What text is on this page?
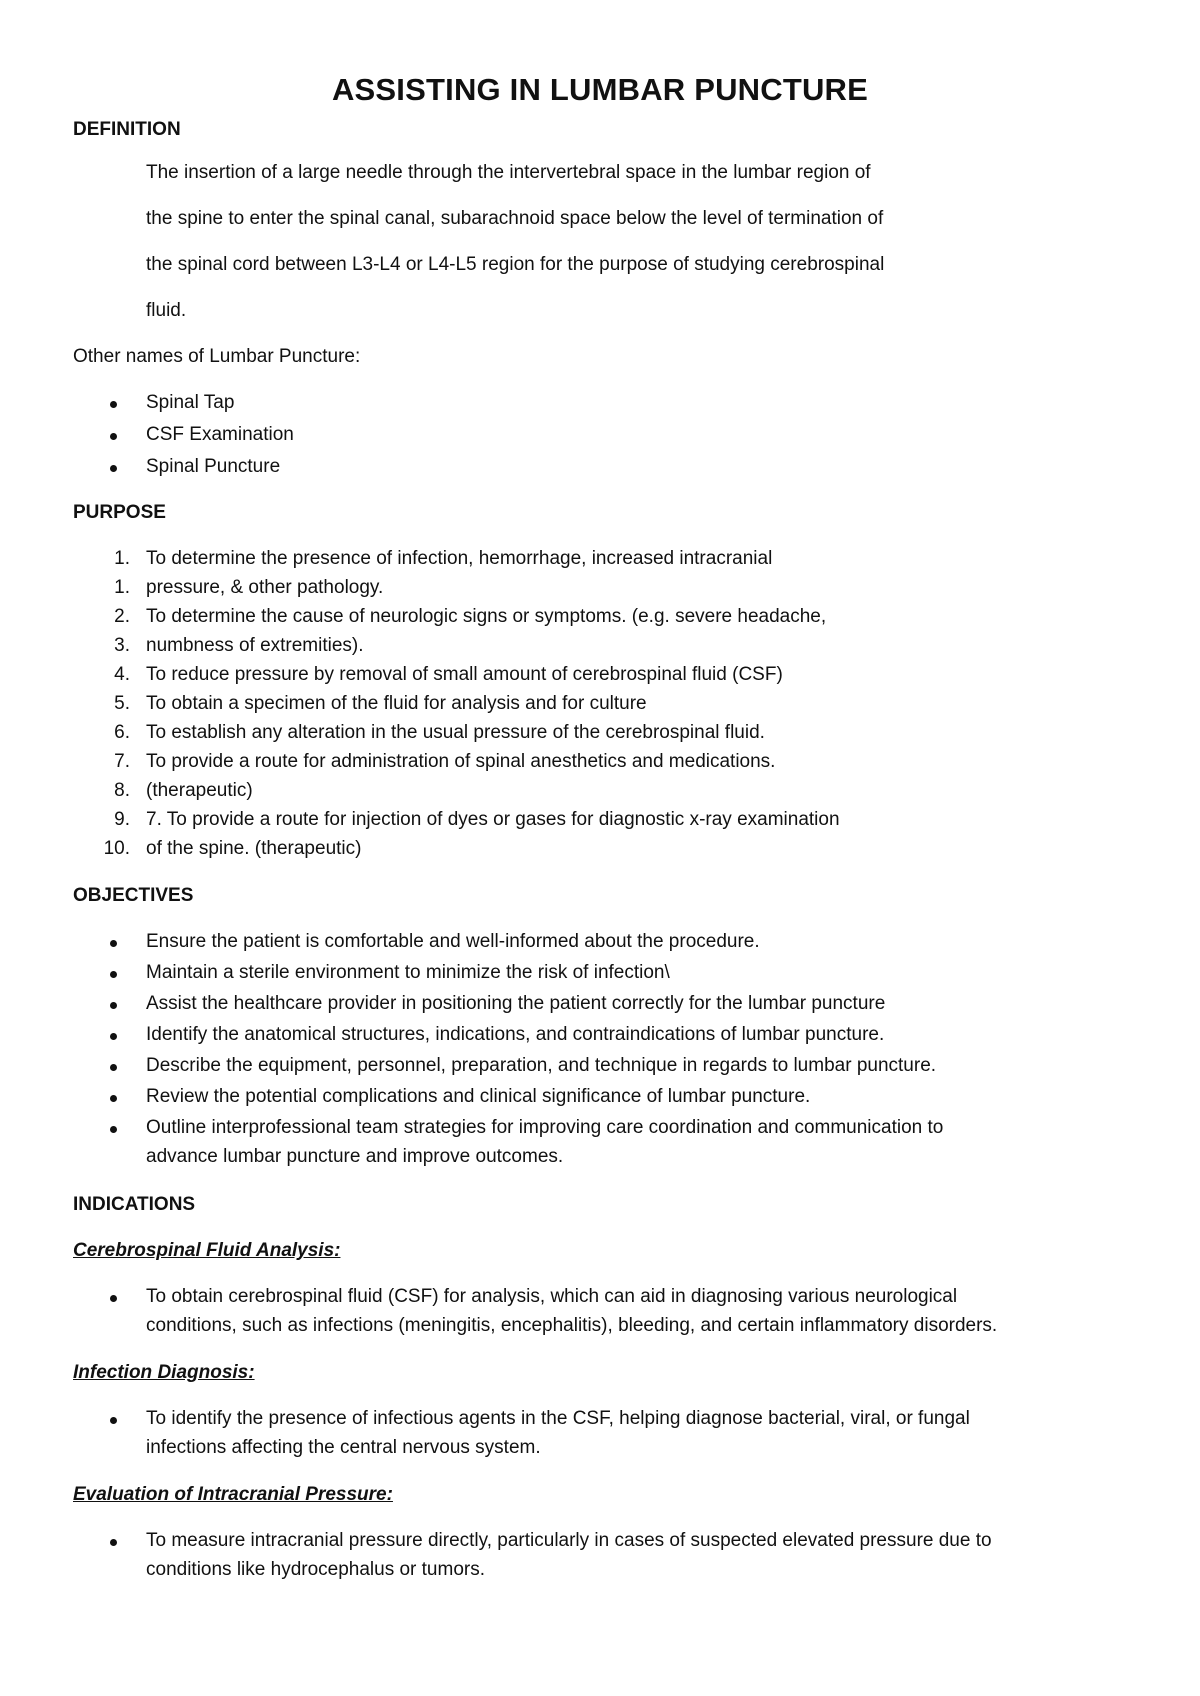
ASSISTING IN LUMBAR PUNCTURE
DEFINITION
The insertion of a large needle through the intervertebral space in the lumbar region of
the spine to enter the spinal canal, subarachnoid space below the level of termination of
the spinal cord between L3-L4 or L4-L5 region for the purpose of studying cerebrospinal
fluid.
Other names of Lumbar Puncture:
Spinal Tap
CSF Examination
Spinal Puncture
PURPOSE
1. To determine the presence of infection, hemorrhage, increased intracranial
1. pressure, & other pathology.
2. To determine the cause of neurologic signs or symptoms. (e.g. severe headache,
3. numbness of extremities).
4. To reduce pressure by removal of small amount of cerebrospinal fluid (CSF)
5. To obtain a specimen of the fluid for analysis and for culture
6. To establish any alteration in the usual pressure of the cerebrospinal fluid.
7. To provide a route for administration of spinal anesthetics and medications.
8. (therapeutic)
9. 7. To provide a route for injection of dyes or gases for diagnostic x-ray examination
10. of the spine. (therapeutic)
OBJECTIVES
Ensure the patient is comfortable and well-informed about the procedure.
Maintain a sterile environment to minimize the risk of infection\
Assist the healthcare provider in positioning the patient correctly for the lumbar puncture
Identify the anatomical structures, indications, and contraindications of lumbar puncture.
Describe the equipment, personnel, preparation, and technique in regards to lumbar puncture.
Review the potential complications and clinical significance of lumbar puncture.
Outline interprofessional team strategies for improving care coordination and communication to
advance lumbar puncture and improve outcomes.
INDICATIONS
Cerebrospinal Fluid Analysis:
To obtain cerebrospinal fluid (CSF) for analysis, which can aid in diagnosing various neurological
conditions, such as infections (meningitis, encephalitis), bleeding, and certain inflammatory disorders.
Infection Diagnosis:
To identify the presence of infectious agents in the CSF, helping diagnose bacterial, viral, or fungal
infections affecting the central nervous system.
Evaluation of Intracranial Pressure:
To measure intracranial pressure directly, particularly in cases of suspected elevated pressure due to
conditions like hydrocephalus or tumors.
